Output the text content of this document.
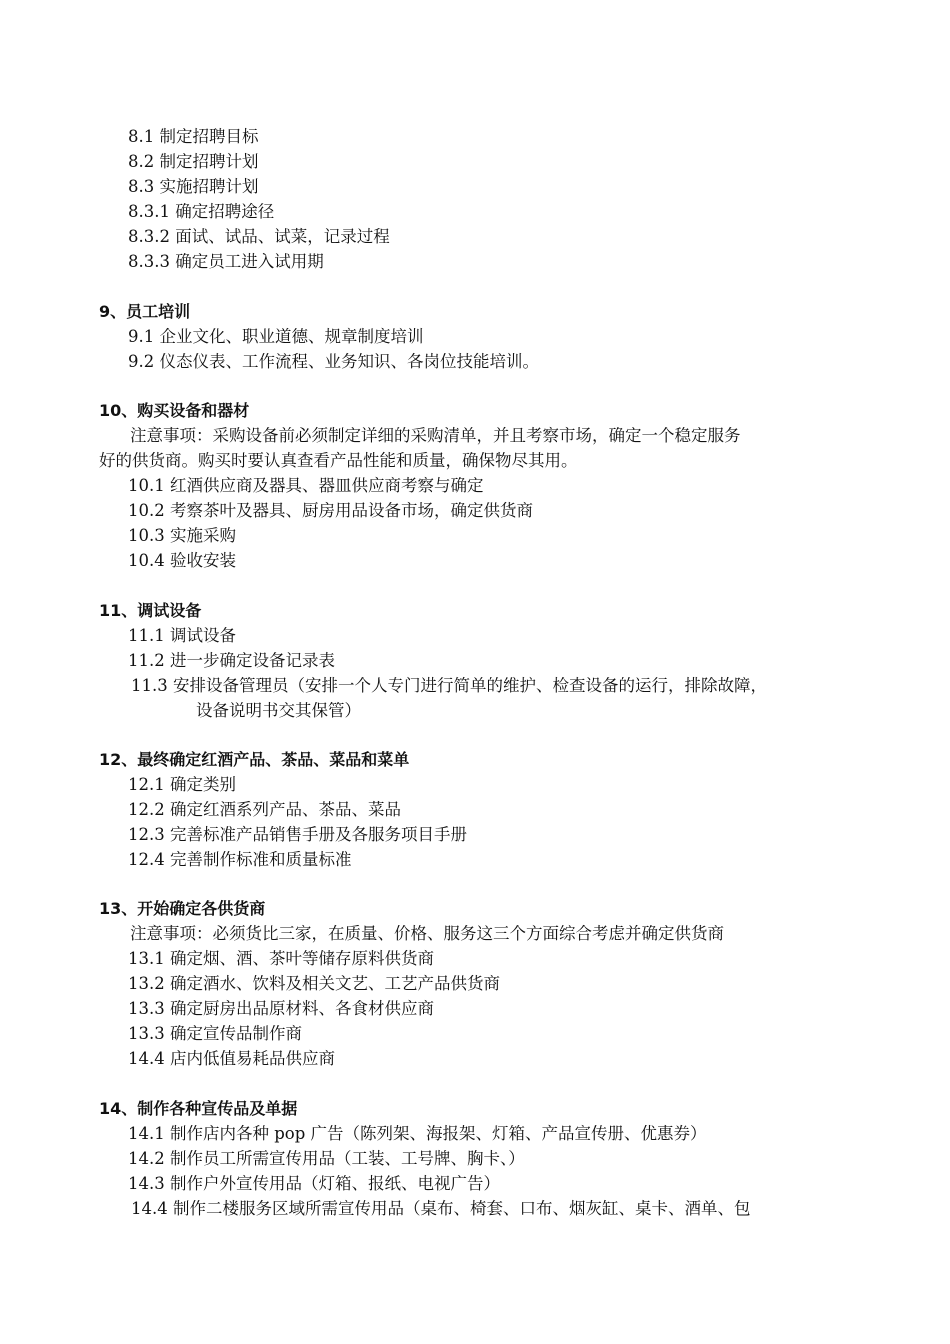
8.1 制定招聘目标
8.2 制定招聘计划
8.3 实施招聘计划
8.3.1 确定招聘途径
8.3.2 面试、试品、试菜，记录过程
8.3.3 确定员工进入试用期
9、员工培训
9.1 企业文化、职业道德、规章制度培训
9.2 仪态仪表、工作流程、业务知识、各岗位技能培训。
10、购买设备和器材
注意事项：采购设备前必须制定详细的采购清单，并且考察市场，确定一个稳定服务
好的供货商。购买时要认真查看产品性能和质量，确保物尽其用。
10.1 红酒供应商及器具、器皿供应商考察与确定
10.2 考察茶叶及器具、厨房用品设备市场，确定供货商
10.3 实施采购
10.4 验收安装
11、调试设备
11.1 调试设备
11.2 进一步确定设备记录表
11.3 安排设备管理员（安排一个人专门进行简单的维护、检查设备的运行，排除故障，
设备说明书交其保管）
12、最终确定红酒产品、茶品、菜品和菜单
12.1 确定类别
12.2 确定红酒系列产品、茶品、菜品
12.3 完善标准产品销售手册及各服务项目手册
12.4 完善制作标准和质量标准
13、开始确定各供货商
注意事项：必须货比三家，在质量、价格、服务这三个方面综合考虑并确定供货商
13.1 确定烟、酒、茶叶等储存原料供货商
13.2 确定酒水、饮料及相关文艺、工艺产品供货商
13.3 确定厨房出品原材料、各食材供应商
13.3 确定宣传品制作商
14.4 店内低值易耗品供应商
14、制作各种宣传品及单据
14.1 制作店内各种 pop 广告（陈列架、海报架、灯箱、产品宣传册、优惠券）
14.2 制作员工所需宣传用品（工装、工号牌、胸卡、）
14.3 制作户外宣传用品（灯箱、报纸、电视广告）
14.4 制作二楼服务区域所需宣传用品（桌布、椅套、口布、烟灰缸、桌卡、酒单、包
